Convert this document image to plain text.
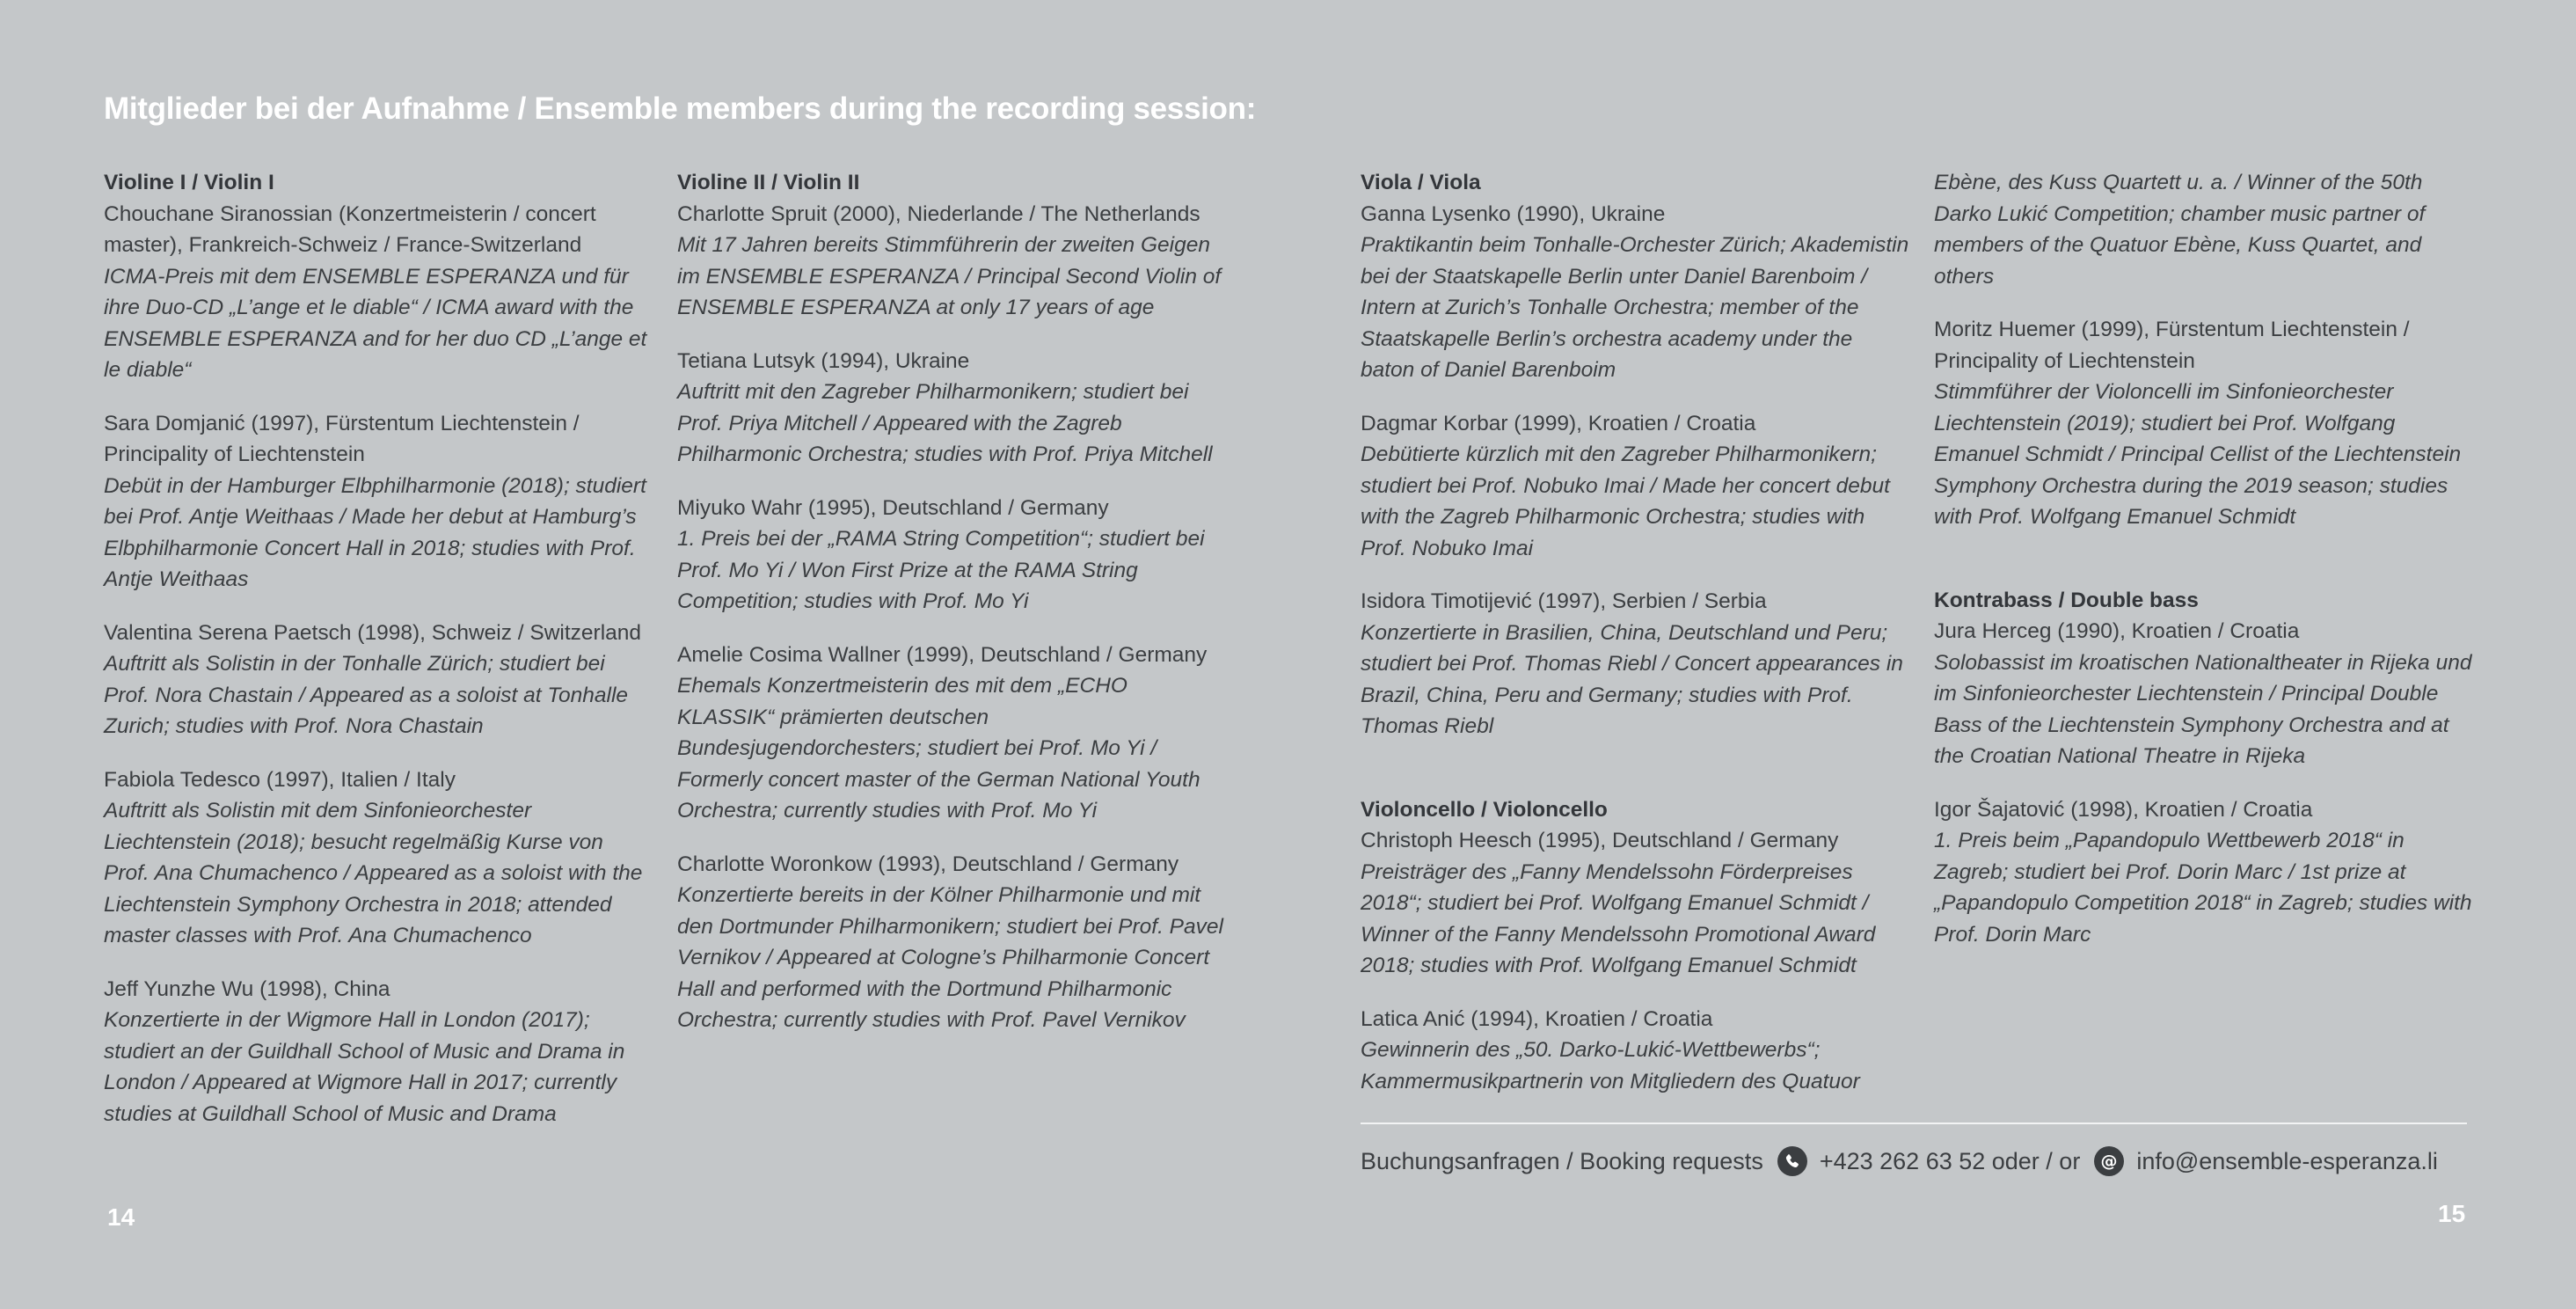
Mitglieder bei der Aufnahme / Ensemble members during the recording session:
Violine I / Violin I
Chouchane Siranossian (Konzertmeisterin / concert master), Frankreich-Schweiz / France-Switzerland
ICMA-Preis mit dem ENSEMBLE ESPERANZA und für ihre Duo-CD „L’ange et le diable“ / ICMA award with the ENSEMBLE ESPERANZA and for her duo CD „L’ange et le diable“
Sara Domjanić (1997), Fürstentum Liechtenstein / Principality of Liechtenstein
Debüt in der Hamburger Elbphilharmonie (2018); studiert bei Prof. Antje Weithaas / Made her debut at Hamburg’s Elbphilharmonie Concert Hall in 2018; studies with Prof. Antje Weithaas
Valentina Serena Paetsch (1998), Schweiz / Switzerland
Auftritt als Solistin in der Tonhalle Zürich; studiert bei Prof. Nora Chastain / Appeared as a soloist at Tonhalle Zurich; studies with Prof. Nora Chastain
Fabiola Tedesco (1997), Italien / Italy
Auftritt als Solistin mit dem Sinfonieorchester Liechtenstein (2018); besucht regelmäßig Kurse von Prof. Ana Chumachenco / Appeared as a soloist with the Liechtenstein Symphony Orchestra in 2018; attended master classes with Prof. Ana Chumachenco
Jeff Yunzhe Wu (1998), China
Konzertierte in der Wigmore Hall in London (2017); studiert an der Guildhall School of Music and Drama in London / Appeared at Wigmore Hall in 2017; currently studies at Guildhall School of Music and Drama
Violine II / Violin II
Charlotte Spruit (2000), Niederlande / The Netherlands
Mit 17 Jahren bereits Stimmführerin der zweiten Geigen im ENSEMBLE ESPERANZA / Principal Second Violin of ENSEMBLE ESPERANZA at only 17 years of age
Tetiana Lutsyk (1994), Ukraine
Auftritt mit den Zagreber Philharmonikern; studiert bei Prof. Priya Mitchell / Appeared with the Zagreb Philharmonic Orchestra; studies with Prof. Priya Mitchell
Miyuko Wahr (1995), Deutschland / Germany
1. Preis bei der „RAMA String Competition“; studiert bei Prof. Mo Yi / Won First Prize at the RAMA String Competition; studies with Prof. Mo Yi
Amelie Cosima Wallner (1999), Deutschland / Germany
Ehemals Konzertmeisterin des mit dem „ECHO KLASSIK“ prämierten deutschen Bundesjugendorchesters; studiert bei Prof. Mo Yi / Formerly concert master of the German National Youth Orchestra; currently studies with Prof. Mo Yi
Charlotte Woronkow (1993), Deutschland / Germany
Konzertierte bereits in der Kölner Philharmonie und mit den Dortmunder Philharmonikern; studiert bei Prof. Pavel Vernikov / Appeared at Cologne’s Philharmonie Concert Hall and performed with the Dortmund Philharmonic Orchestra; currently studies with Prof. Pavel Vernikov
Viola / Viola
Ganna Lysenko (1990), Ukraine
Praktikantin beim Tonhalle-Orchester Zürich; Akademistin bei der Staatskapelle Berlin unter Daniel Barenboim / Intern at Zurich’s Tonhalle Orchestra; member of the Staatskapelle Berlin’s orchestra academy under the baton of Daniel Barenboim
Dagmar Korbar (1999), Kroatien / Croatia
Debütierte kürzlich mit den Zagreber Philharmonikern; studiert bei Prof. Nobuko Imai / Made her concert debut with the Zagreb Philharmonic Orchestra; studies with Prof. Nobuko Imai
Isidora Timotijević (1997), Serbien / Serbia
Konzertierte in Brasilien, China, Deutschland und Peru; studiert bei Prof. Thomas Riebl / Concert appearances in Brazil, China, Peru and Germany; studies with Prof. Thomas Riebl
Violoncello / Violoncello
Christoph Heesch (1995), Deutschland / Germany
Preisträger des „Fanny Mendelssohn Förderpreises 2018“; studiert bei Prof. Wolfgang Emanuel Schmidt / Winner of the Fanny Mendelssohn Promotional Award 2018; studies with Prof. Wolfgang Emanuel Schmidt
Latica Anić (1994), Kroatien / Croatia
Gewinnerin des „50. Darko-Lukić-Wettbewerbs“; Kammermusikpartnerin von Mitgliedern des Quatuor
Ebène, des Kuss Quartett u. a. / Winner of the 50th Darko Lukić Competition; chamber music partner of members of the Quatuor Ebène, Kuss Quartet, and others
Moritz Huemer (1999), Fürstentum Liechtenstein / Principality of Liechtenstein
Stimmführer der Violoncelli im Sinfonieorchester Liechtenstein (2019); studiert bei Prof. Wolfgang Emanuel Schmidt / Principal Cellist of the Liechtenstein Symphony Orchestra during the 2019 season; studies with Prof. Wolfgang Emanuel Schmidt
Kontrabass / Double bass
Jura Herceg (1990), Kroatien / Croatia
Solobassist im kroatischen Nationaltheater in Rijeka und im Sinfonieorchester Liechtenstein / Principal Double Bass of the Liechtenstein Symphony Orchestra and at the Croatian National Theatre in Rijeka
Igor Šajatović (1998), Kroatien / Croatia
1. Preis beim „Papandopulo Wettbewerb 2018“ in Zagreb; studiert bei Prof. Dorin Marc / 1st prize at „Papandopulo Competition 2018“ in Zagreb; studies with Prof. Dorin Marc
Buchungsanfragen / Booking requests +423 262 63 52 oder / or @ info@ensemble-esperanza.li
14	15
